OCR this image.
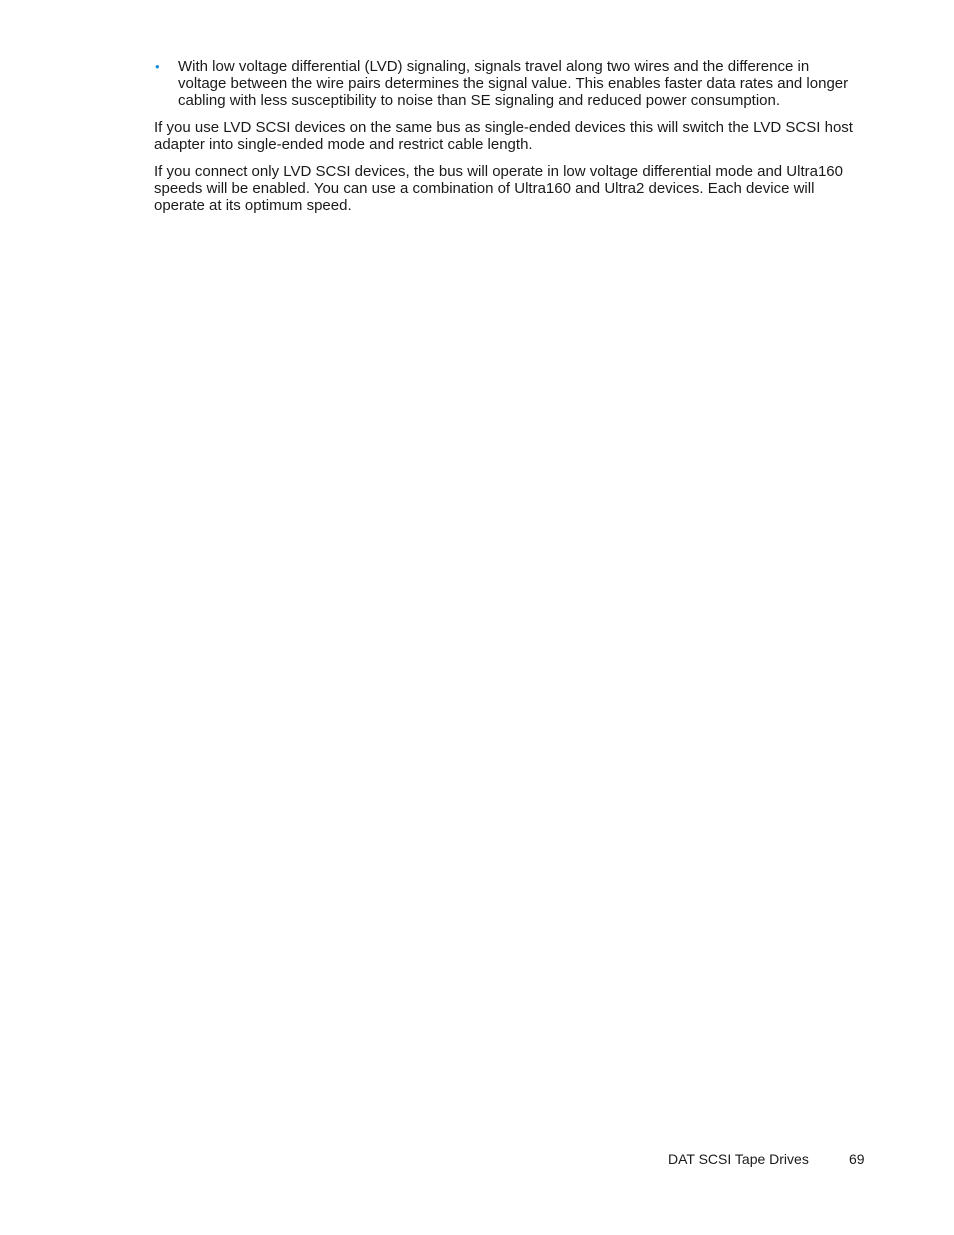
• With low voltage differential (LVD) signaling, signals travel along two wires and the difference in voltage between the wire pairs determines the signal value. This enables faster data rates and longer cabling with less susceptibility to noise than SE signaling and reduced power consumption.

If you use LVD SCSI devices on the same bus as single-ended devices this will switch the LVD SCSI host adapter into single-ended mode and restrict cable length.

If you connect only LVD SCSI devices, the bus will operate in low voltage differential mode and Ultra160 speeds will be enabled. You can use a combination of Ultra160 and Ultra2 devices. Each device will operate at its optimum speed.

DAT SCSI Tape Drives	69
